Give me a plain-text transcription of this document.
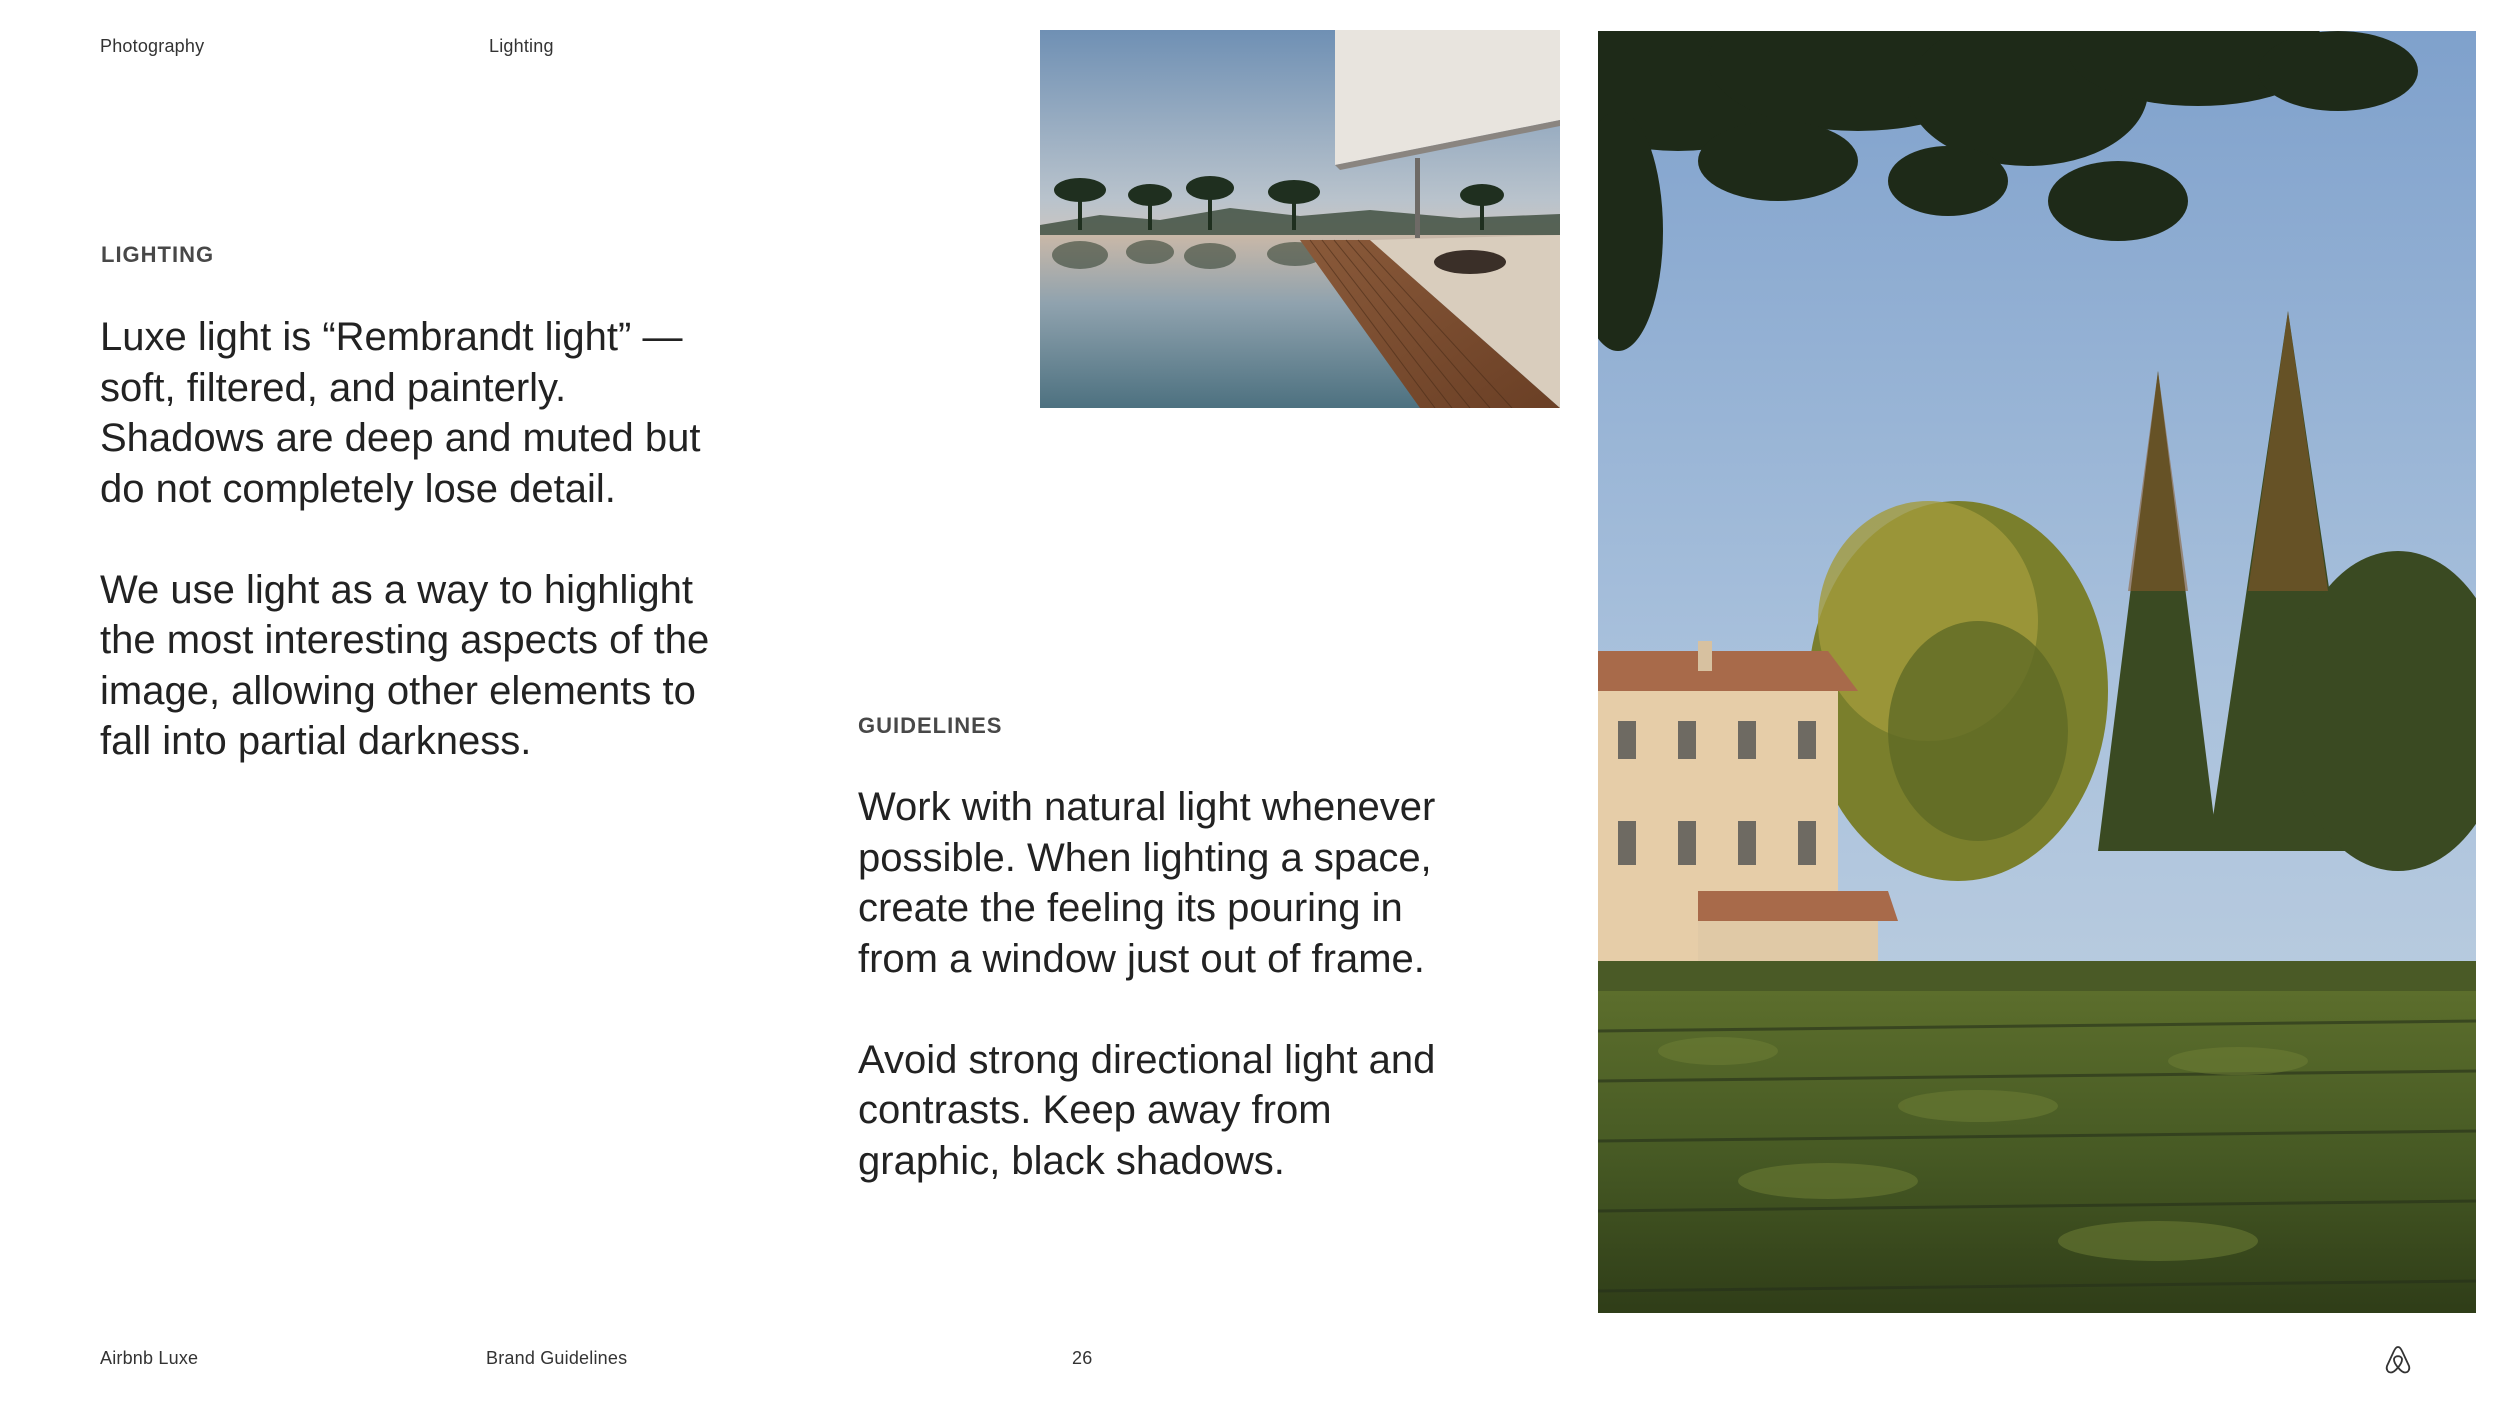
Photography	Lighting
LIGHTING

Luxe light is “Rembrandt light” —
soft, filtered, and painterly.
Shadows are deep and muted but
do not completely lose detail.

We use light as a way to highlight
the most interesting aspects of the
image, allowing other elements to
fall into partial darkness.	GUIDELINES

Work with natural light whenever
possible. When lighting a space,
create the feeling its pouring in
from a window just out of frame.

Avoid strong directional light and
contrasts. Keep away from
graphic, black shadows.

Airbnb Luxe	Brand Guidelines	26
